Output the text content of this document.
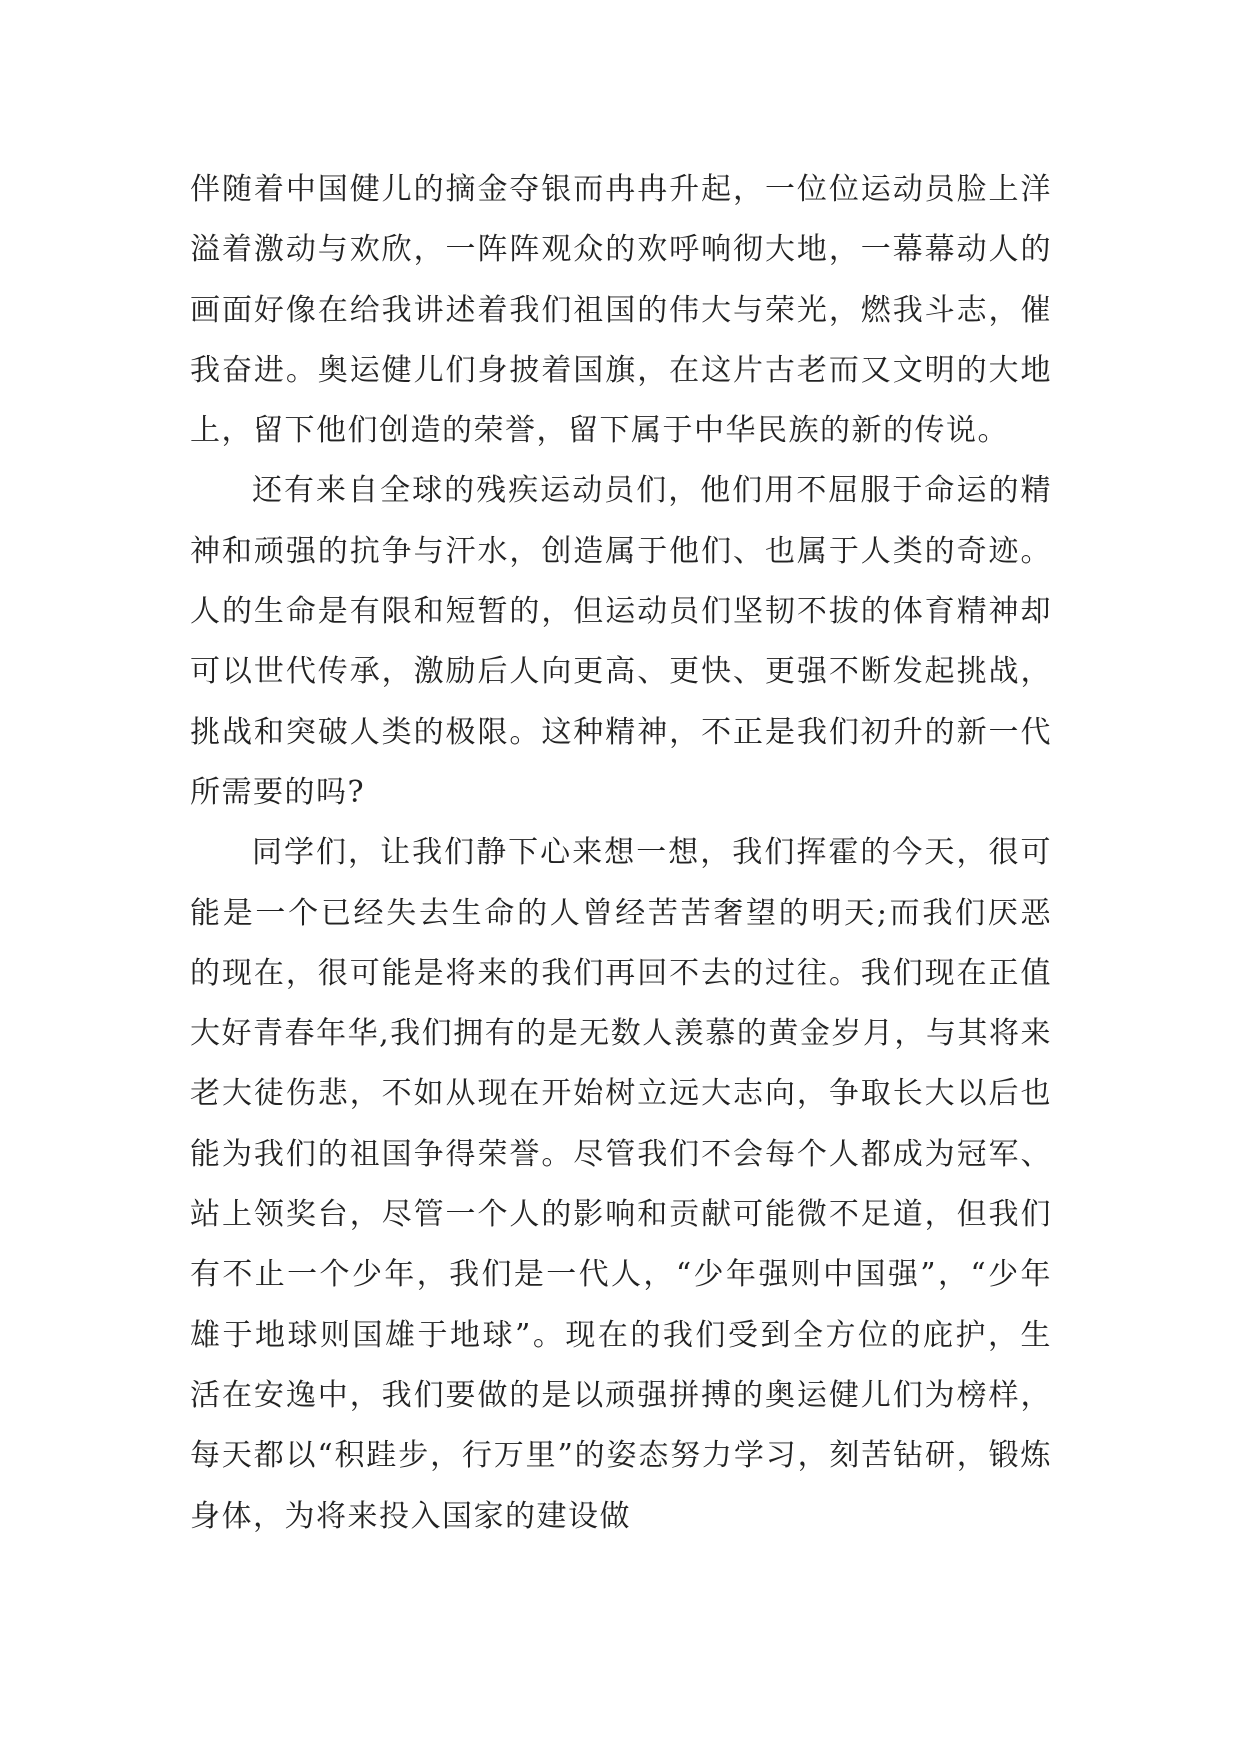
伴随着中国健儿的摘金夺银而冉冉升起，一位位运动员脸上洋溢着激动与欢欣，一阵阵观众的欢呼响彻大地，一幕幕动人的画面好像在给我讲述着我们祖国的伟大与荣光，燃我斗志，催我奋进。奥运健儿们身披着国旗，在这片古老而又文明的大地上，留下他们创造的荣誉，留下属于中华民族的新的传说。

还有来自全球的残疾运动员们，他们用不屈服于命运的精神和顽强的抗争与汗水，创造属于他们、也属于人类的奇迹。人的生命是有限和短暂的，但运动员们坚韧不拔的体育精神却可以世代传承，激励后人向更高、更快、更强不断发起挑战，挑战和突破人类的极限。这种精神，不正是我们初升的新一代所需要的吗?

同学们，让我们静下心来想一想，我们挥霍的今天，很可能是一个已经失去生命的人曾经苦苦奢望的明天;而我们厌恶的现在，很可能是将来的我们再回不去的过往。我们现在正值大好青春年华,我们拥有的是无数人羡慕的黄金岁月，与其将来老大徒伤悲，不如从现在开始树立远大志向，争取长大以后也能为我们的祖国争得荣誉。尽管我们不会每个人都成为冠军、站上领奖台，尽管一个人的影响和贡献可能微不足道，但我们有不止一个少年，我们是一代人，“少年强则中国强”，“少年雄于地球则国雄于地球”。现在的我们受到全方位的庇护，生活在安逸中，我们要做的是以顽强拼搏的奥运健儿们为榜样，每天都以“积跬步，行万里”的姿态努力学习，刻苦钻研，锻炼身体，为将来投入国家的建设做
